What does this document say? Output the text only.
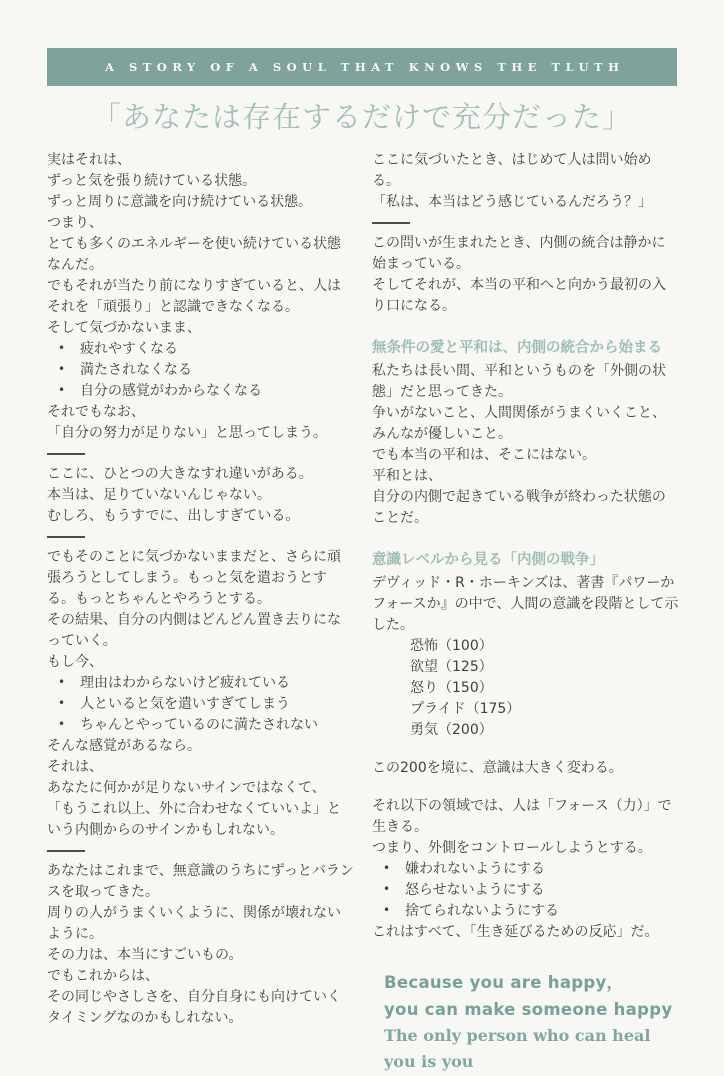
A STORY OF A SOUL THAT KNOWS THE TLUTH
「あなたは存在するだけで充分だった」
実はそれは、
ずっと気を張り続けている状態。
ずっと周りに意識を向け続けている状態。
つまり、
とても多くのエネルギーを使い続けている状態なんだ。
でもそれが当たり前になりすぎていると、人はそれを「頑張り」と認識できなくなる。
そして気づかないまま、
•	疲れやすくなる
•	満たされなくなる
•	自分の感覚がわからなくなる
それでもなお、
「自分の努力が足りない」と思ってしまう。
ここに、ひとつの大きなすれ違いがある。
本当は、足りていないんじゃない。
むしろ、もうすでに、出しすぎている。
でもそのことに気づかないままだと、さらに頑張ろうとしてしまう。もっと気を遣おうとする。もっとちゃんとやろうとする。
その結果、自分の内側はどんどん置き去りになっていく。
もし今、
•	理由はわからないけど疲れている
•	人といると気を遣いすぎてしまう
•	ちゃんとやっているのに満たされない
そんな感覚があるなら。
それは、
あなたに何かが足りないサインではなくて、
「もうこれ以上、外に合わせなくていいよ」という内側からのサインかもしれない。
あなたはこれまで、無意識のうちにずっとバランスを取ってきた。
周りの人がうまくいくように、関係が壊れないように。
その力は、本当にすごいもの。
でもこれからは、
その同じやさしさを、自分自身にも向けていくタイミングなのかもしれない。
ここに気づいたとき、はじめて人は問い始める。
「私は、本当はどう感じているんだろう？」
この問いが生まれたとき、内側の統合は静かに始まっている。
そしてそれが、本当の平和へと向かう最初の入り口になる。
無条件の愛と平和は、内側の統合から始まる
私たちは長い間、平和というものを「外側の状態」だと思ってきた。
争いがないこと、人間関係がうまくいくこと、みんなが優しいこと。
でも本当の平和は、そこにはない。
平和とは、
自分の内側で起きている戦争が終わった状態のことだ。
意識レベルから見る「内側の戦争」
デヴィッド・R・ホーキンズは、著書『パワーかフォースか』の中で、人間の意識を段階として示した。
恐怖（100）
欲望（125）
怒り（150）
プライド（175）
勇気（200）
この200を境に、意識は大きく変わる。
それ以下の領域では、人は「フォース（力）」で生きる。
つまり、外側をコントロールしようとする。
•	嫌われないようにする
•	怒らせないようにする
•	捨てられないようにする
これはすべて、「生き延びるための反応」だ。
Because you are happy，
you can make someone happy
The only person who can heal you is you
